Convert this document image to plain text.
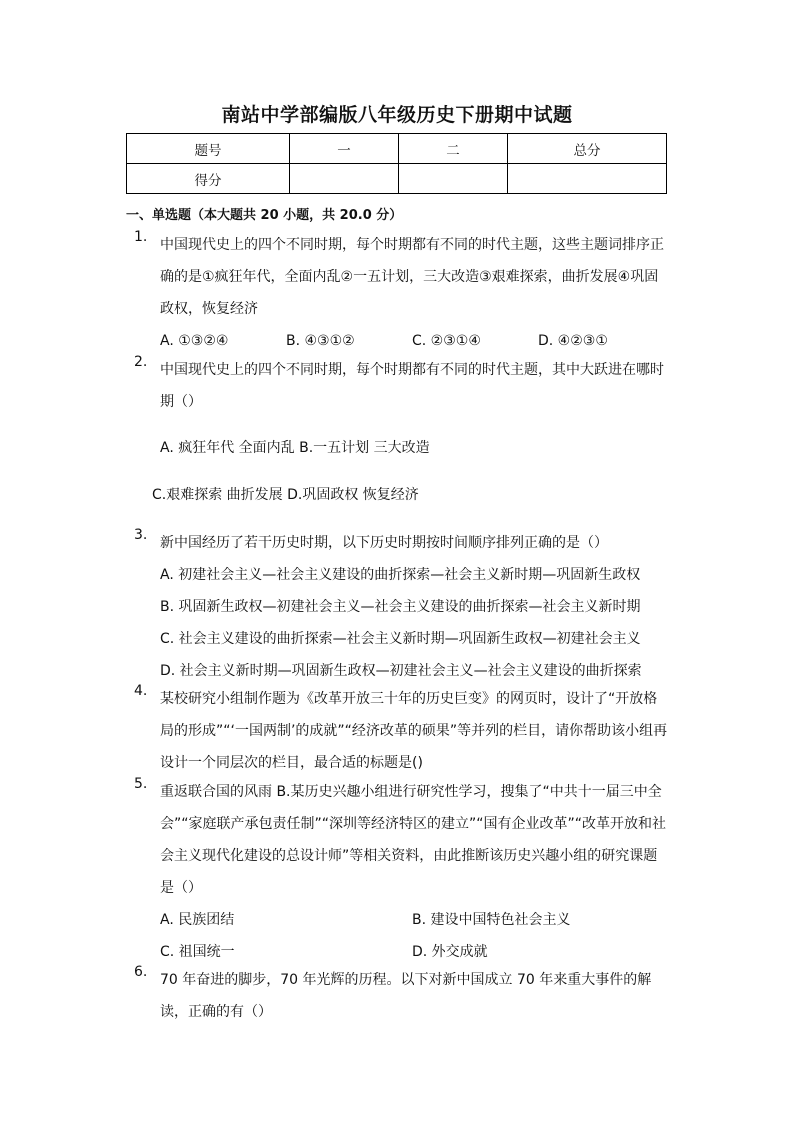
南站中学部编版八年级历史下册期中试题
题号	一	二	总分
得分			
一、单选题（本大题共 20 小题，共 20.0 分）
1. 中国现代史上的四个不同时期，每个时期都有不同的时代主题，这些主题词排序正确的是①疯狂年代，全面内乱②一五计划，三大改造③艰难探索，曲折发展④巩固政权，恢复经济
A. ①③②④	B. ④③①②	C. ②③①④	D. ④②③①
2. 中国现代史上的四个不同时期，每个时期都有不同的时代主题，其中大跃进在哪时期（）
A. 疯狂年代 全面内乱 B.一五计划 三大改造
C.艰难探索 曲折发展 D.巩固政权 恢复经济
3. 新中国经历了若干历史时期，以下历史时期按时间顺序排列正确的是（）
A. 初建社会主义—社会主义建设的曲折探索—社会主义新时期—巩固新生政权
B. 巩固新生政权—初建社会主义—社会主义建设的曲折探索—社会主义新时期
C. 社会主义建设的曲折探索—社会主义新时期—巩固新生政权—初建社会主义
D. 社会主义新时期—巩固新生政权—初建社会主义—社会主义建设的曲折探索
4. 某校研究小组制作题为《改革开放三十年的历史巨变》的网页时，设计了“开放格局的形成”“‘一国两制’的成就”“经济改革的硕果”等并列的栏目，请你帮助该小组再设计一个同层次的栏目，最合适的标题是()
5. 重返联合国的风雨 B.某历史兴趣小组进行研究性学习，搜集了“中共十一届三中全会”“家庭联产承包责任制”“深圳等经济特区的建立”“国有企业改革”“改革开放和社会主义现代化建设的总设计师”等相关资料，由此推断该历史兴趣小组的研究课题是（）
A. 民族团结	B. 建设中国特色社会主义
C. 祖国统一	D. 外交成就
6. 70 年奋进的脚步，70 年光辉的历程。以下对新中国成立 70 年来重大事件的解读，正确的有（）
